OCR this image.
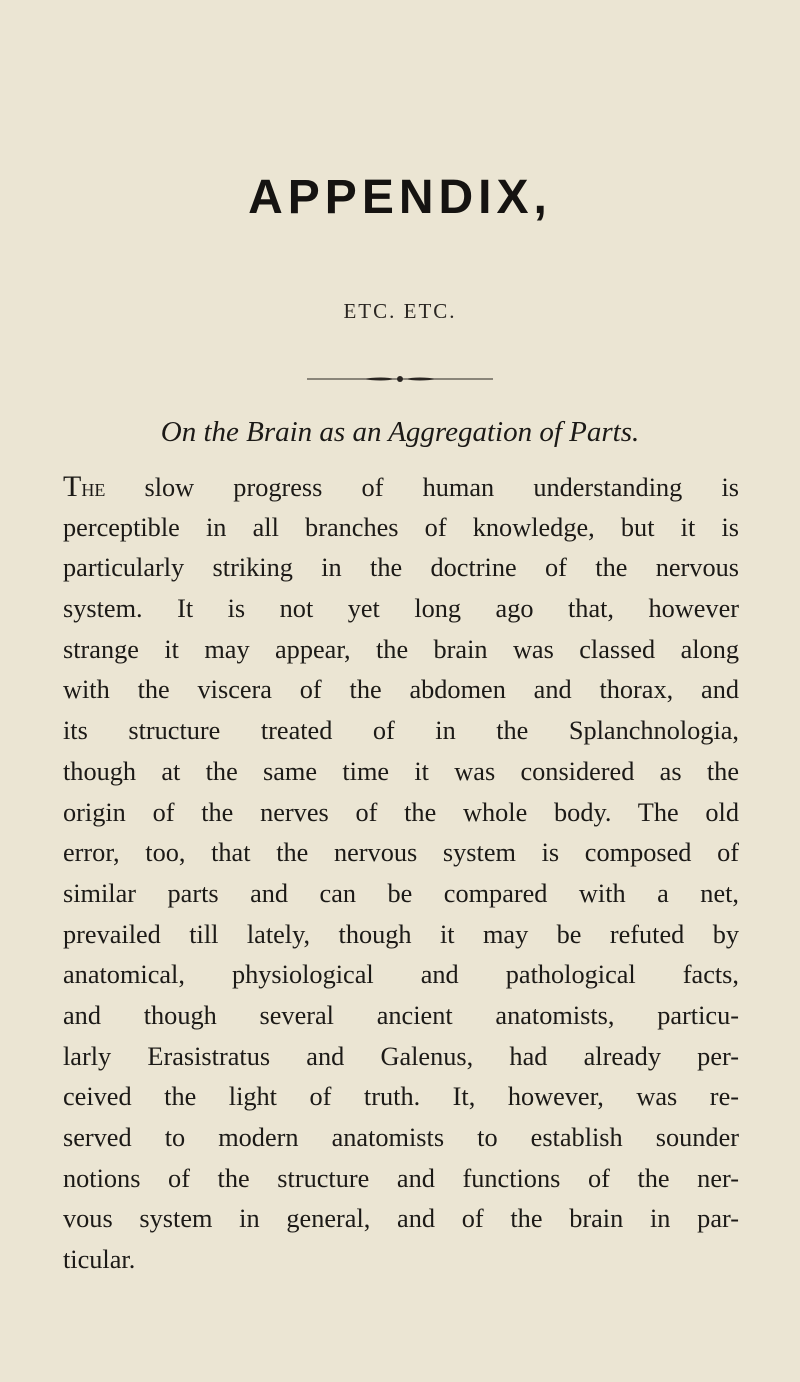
APPENDIX,
ETC. ETC.
On the Brain as an Aggregation of Parts.
The slow progress of human understanding is
perceptible in all branches of knowledge, but it is
particularly striking in the doctrine of the nervous
system. It is not yet long ago that, however
strange it may appear, the brain was classed along
with the viscera of the abdomen and thorax, and
its structure treated of in the Splanchnologia,
though at the same time it was considered as the
origin of the nerves of the whole body. The old
error, too, that the nervous system is composed of
similar parts and can be compared with a net,
prevailed till lately, though it may be refuted by
anatomical, physiological and pathological facts,
and though several ancient anatomists, particu-
larly Erasistratus and Galenus, had already per-
ceived the light of truth. It, however, was re-
served to modern anatomists to establish sounder
notions of the structure and functions of the ner-
vous system in general, and of the brain in par-
ticular.
